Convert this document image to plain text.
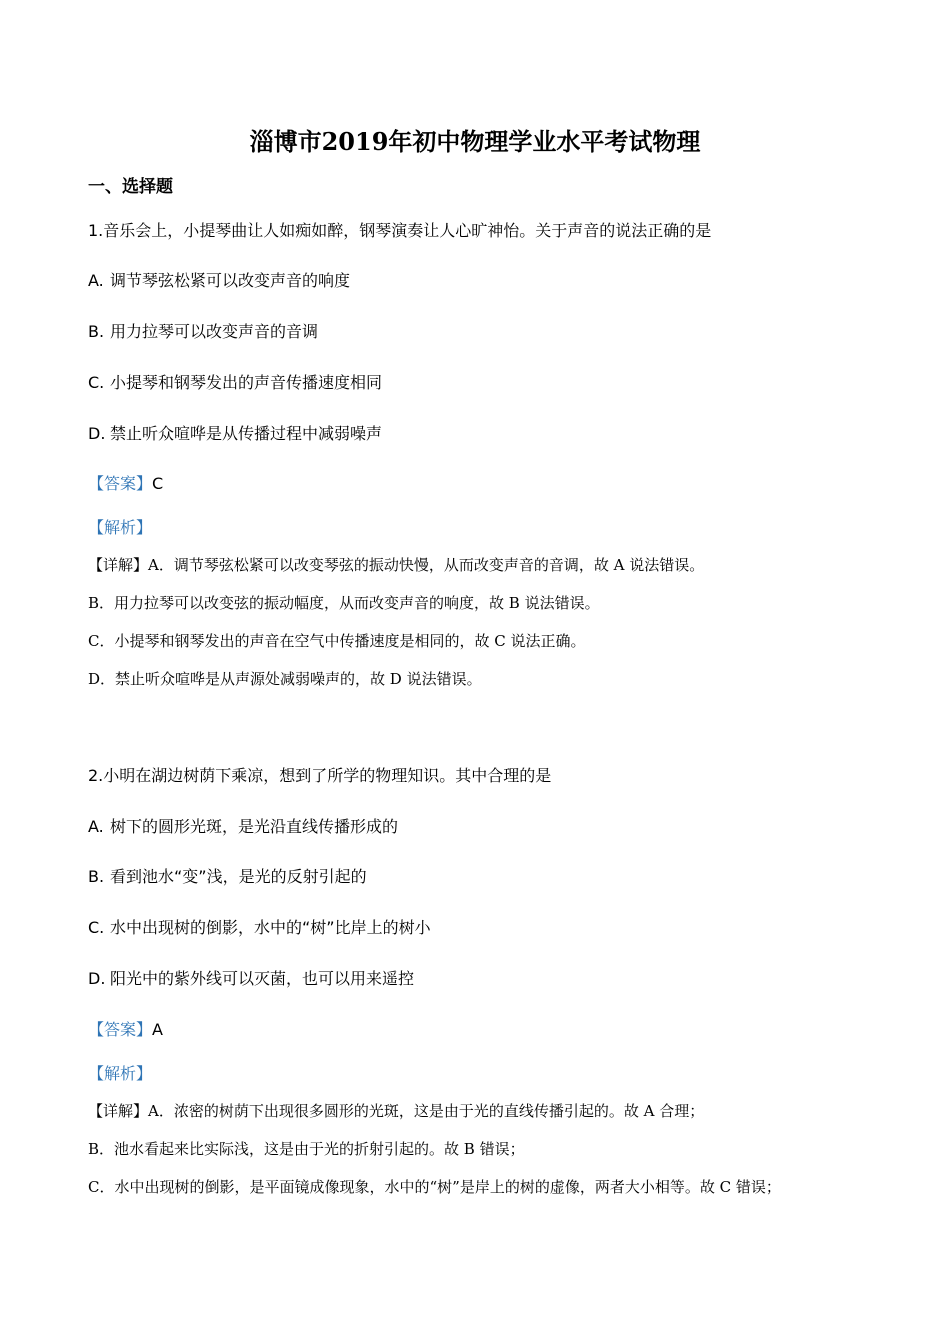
淄博市2019年初中物理学业水平考试物理
一、选择题
1.音乐会上，小提琴曲让人如痴如醉，钢琴演奏让人心旷神怡。关于声音的说法正确的是
A. 调节琴弦松紧可以改变声音的响度
B. 用力拉琴可以改变声音的音调
C. 小提琴和钢琴发出的声音传播速度相同
D. 禁止听众喧哗是从传播过程中减弱噪声
【答案】C
【解析】
【详解】A．调节琴弦松紧可以改变琴弦的振动快慢，从而改变声音的音调，故 A 说法错误。
B．用力拉琴可以改变弦的振动幅度，从而改变声音的响度，故 B 说法错误。
C．小提琴和钢琴发出的声音在空气中传播速度是相同的，故 C 说法正确。
D．禁止听众喧哗是从声源处减弱噪声的，故 D 说法错误。
2.小明在湖边树荫下乘凉，想到了所学的物理知识。其中合理的是
A. 树下的圆形光斑，是光沿直线传播形成的
B. 看到池水“变”浅，是光的反射引起的
C. 水中出现树的倒影，水中的“树”比岸上的树小
D. 阳光中的紫外线可以灭菌，也可以用来遥控
【答案】A
【解析】
【详解】A．浓密的树荫下出现很多圆形的光斑，这是由于光的直线传播引起的。故 A 合理；
B．池水看起来比实际浅，这是由于光的折射引起的。故 B 错误；
C．水中出现树的倒影，是平面镜成像现象，水中的“树”是岸上的树的虚像，两者大小相等。故 C 错误；
